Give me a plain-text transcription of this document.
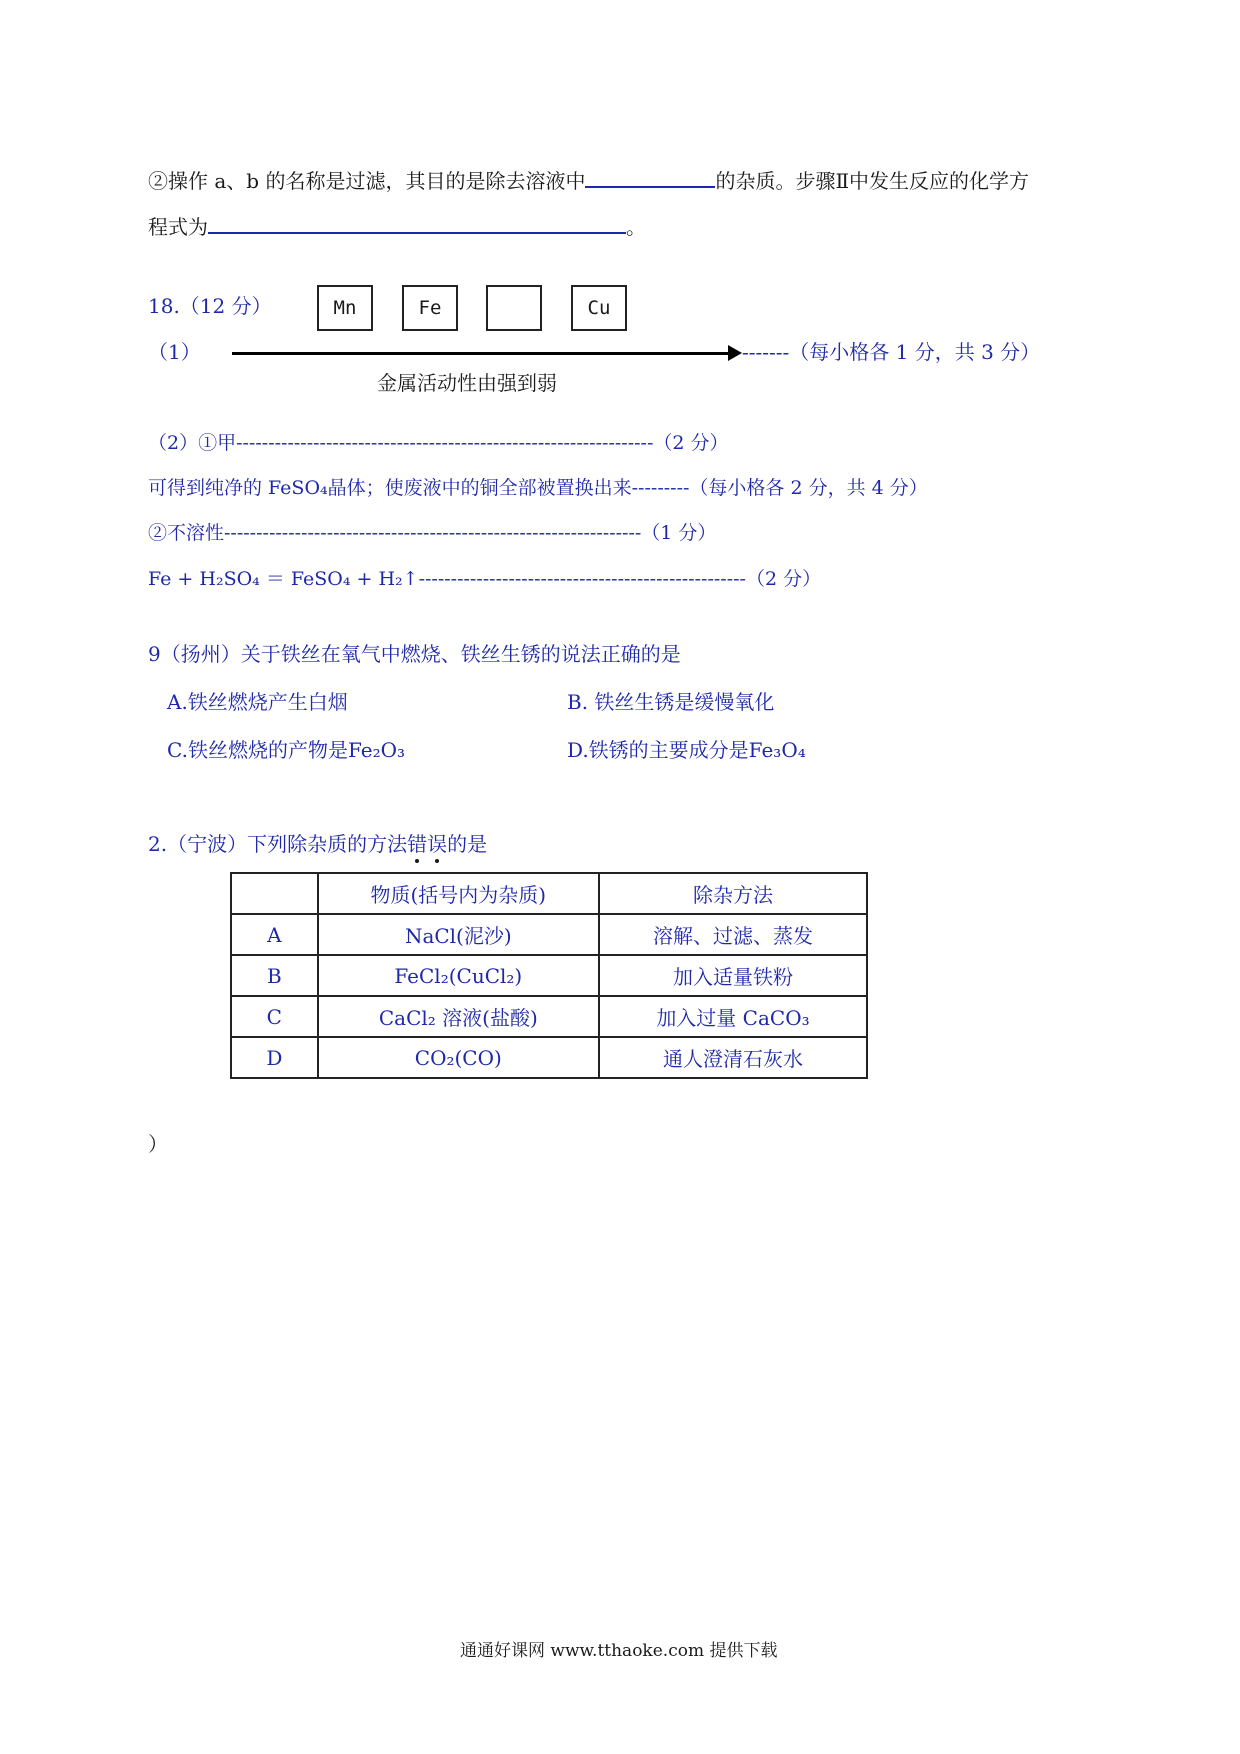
②操作 a、b 的名称是过滤，其目的是除去溶液中	的杂质。步骤Ⅱ中发生反应的化学方
程式为	。
18.（12 分）	Mn	Fe	Cu
（1）	-------（每小格各 1 分，共 3 分）
金属活动性由强到弱
（2）①甲-----------------------------------------------------------------（2 分）
可得到纯净的 FeSO₄晶体；使废液中的铜全部被置换出来---------（每小格各 2 分，共 4 分）
②不溶性-----------------------------------------------------------------（1 分）
Fe + H₂SO₄ ＝ FeSO₄ + H₂↑---------------------------------------------------（2 分）
9（扬州）关于铁丝在氧气中燃烧、铁丝生锈的说法正确的是
A.铁丝燃烧产生白烟	B. 铁丝生锈是缓慢氧化
C.铁丝燃烧的产物是Fe₂O₃	D.铁锈的主要成分是Fe₃O₄
2.（宁波）下列除杂质的方法错误的是
	物质(括号内为杂质)	除杂方法
A	NaCl(泥沙)	溶解、过滤、蒸发
B	FeCl₂(CuCl₂)	加入适量铁粉
C	CaCl₂ 溶液(盐酸)	加入过量 CaCO₃
D	CO₂(CO)	通人澄清石灰水
）
通通好课网 www.tthaoke.com 提供下载
